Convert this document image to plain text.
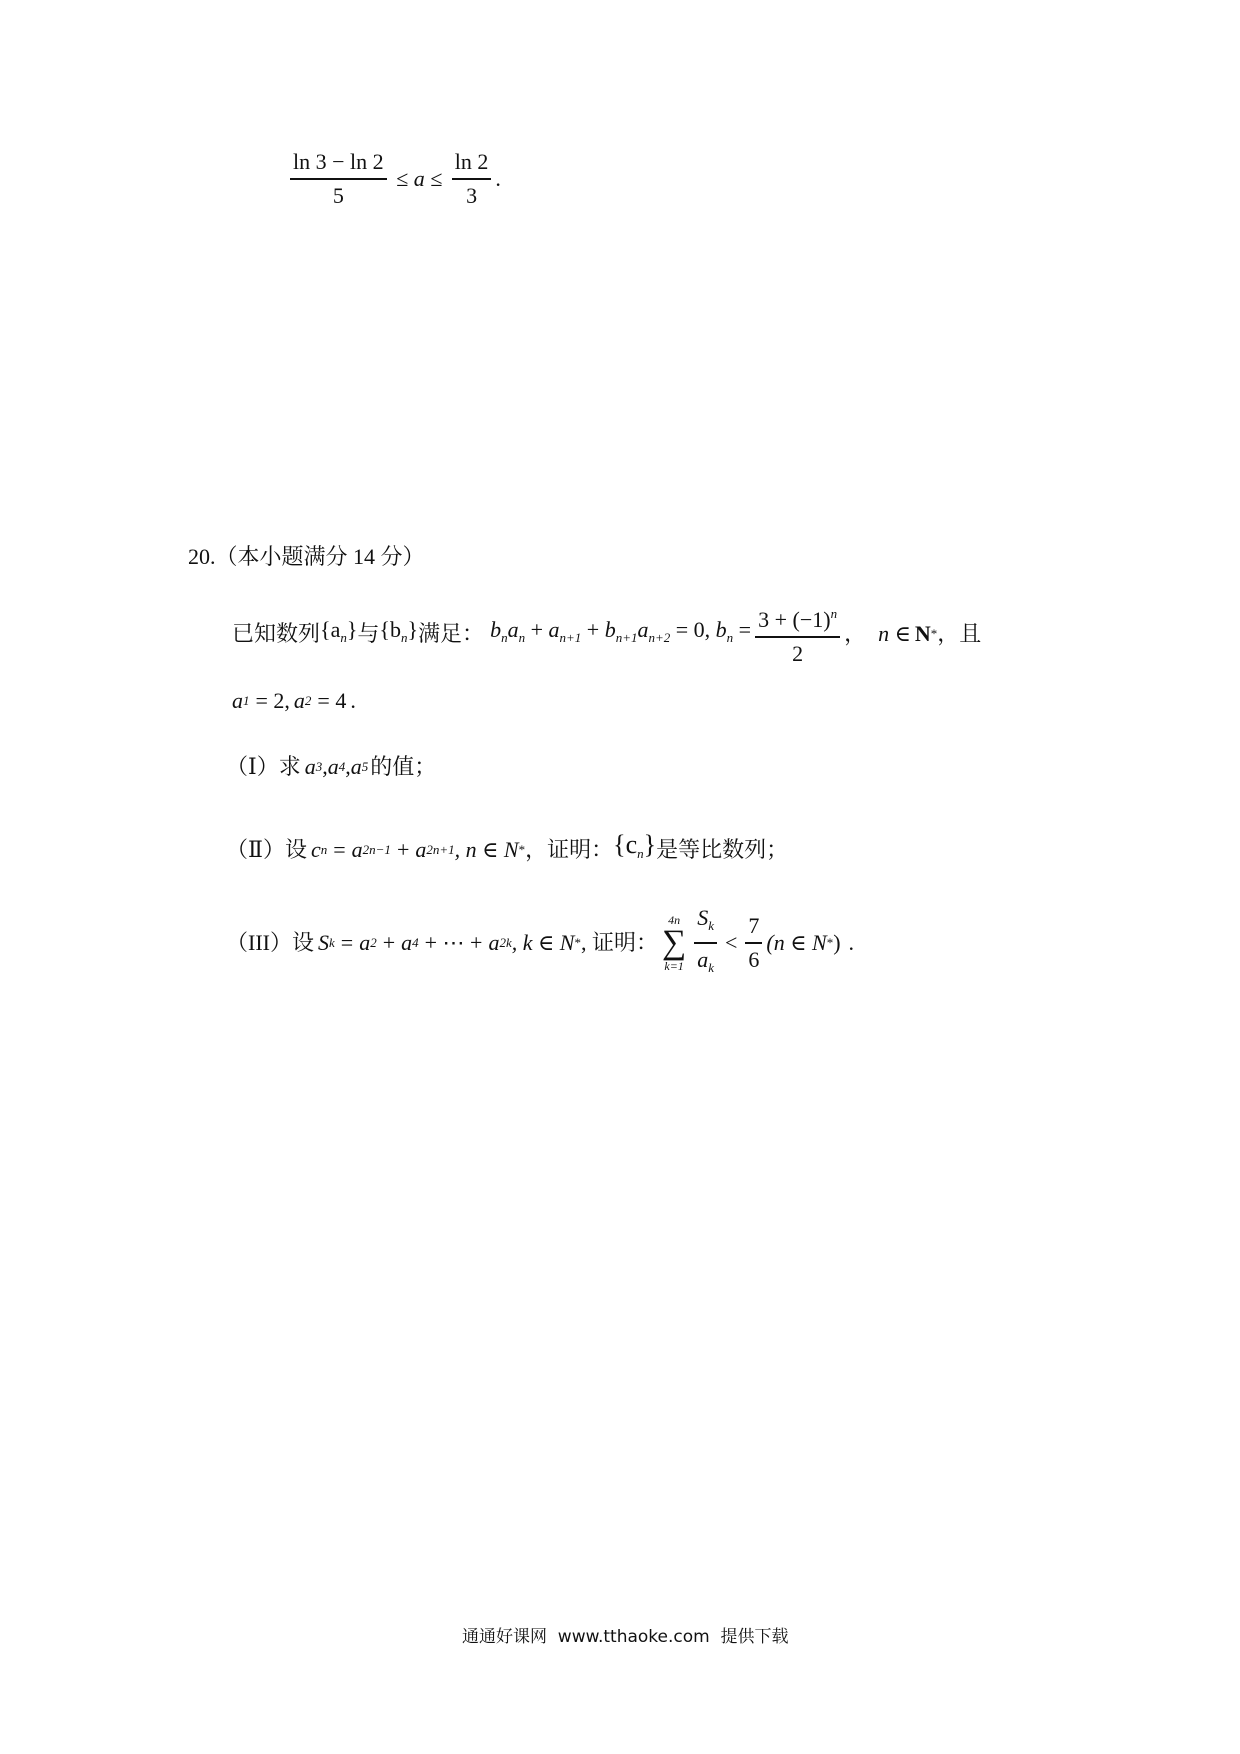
$\frac{\ln 3 - \ln 2}{5} \le a \le \frac{\ln 2}{3}$ .
20.（本小题满分 14 分）
已知数列 $\{a_n\}$ 与 $\{b_n\}$ 满足： $b_na_n + a_{n+1} + b_{n+1}a_{n+2} = 0$, $b_n = \frac{3 + (-1)^n}{2}$ ， n ∈ N * ，且
a 1 = 2, a 2 = 4 .
（Ⅰ）求 a 3 , a 4 , a 5 的值；
（Ⅱ）设 c n = a 2n−1 + a 2n+1 , n ∈ N * ，证明： $\{c_n\}$ 是等比数列；
（III）设 S k = a 2 + a 4 + ⋯ + a 2k , k ∈ N * , 证明：
4n
∑
$k=1 \frac{S_k}{a_k} < \frac{7}{6} (n$ ∈ N * ) .
通通好课网  www.tthaoke.com  提供下载
